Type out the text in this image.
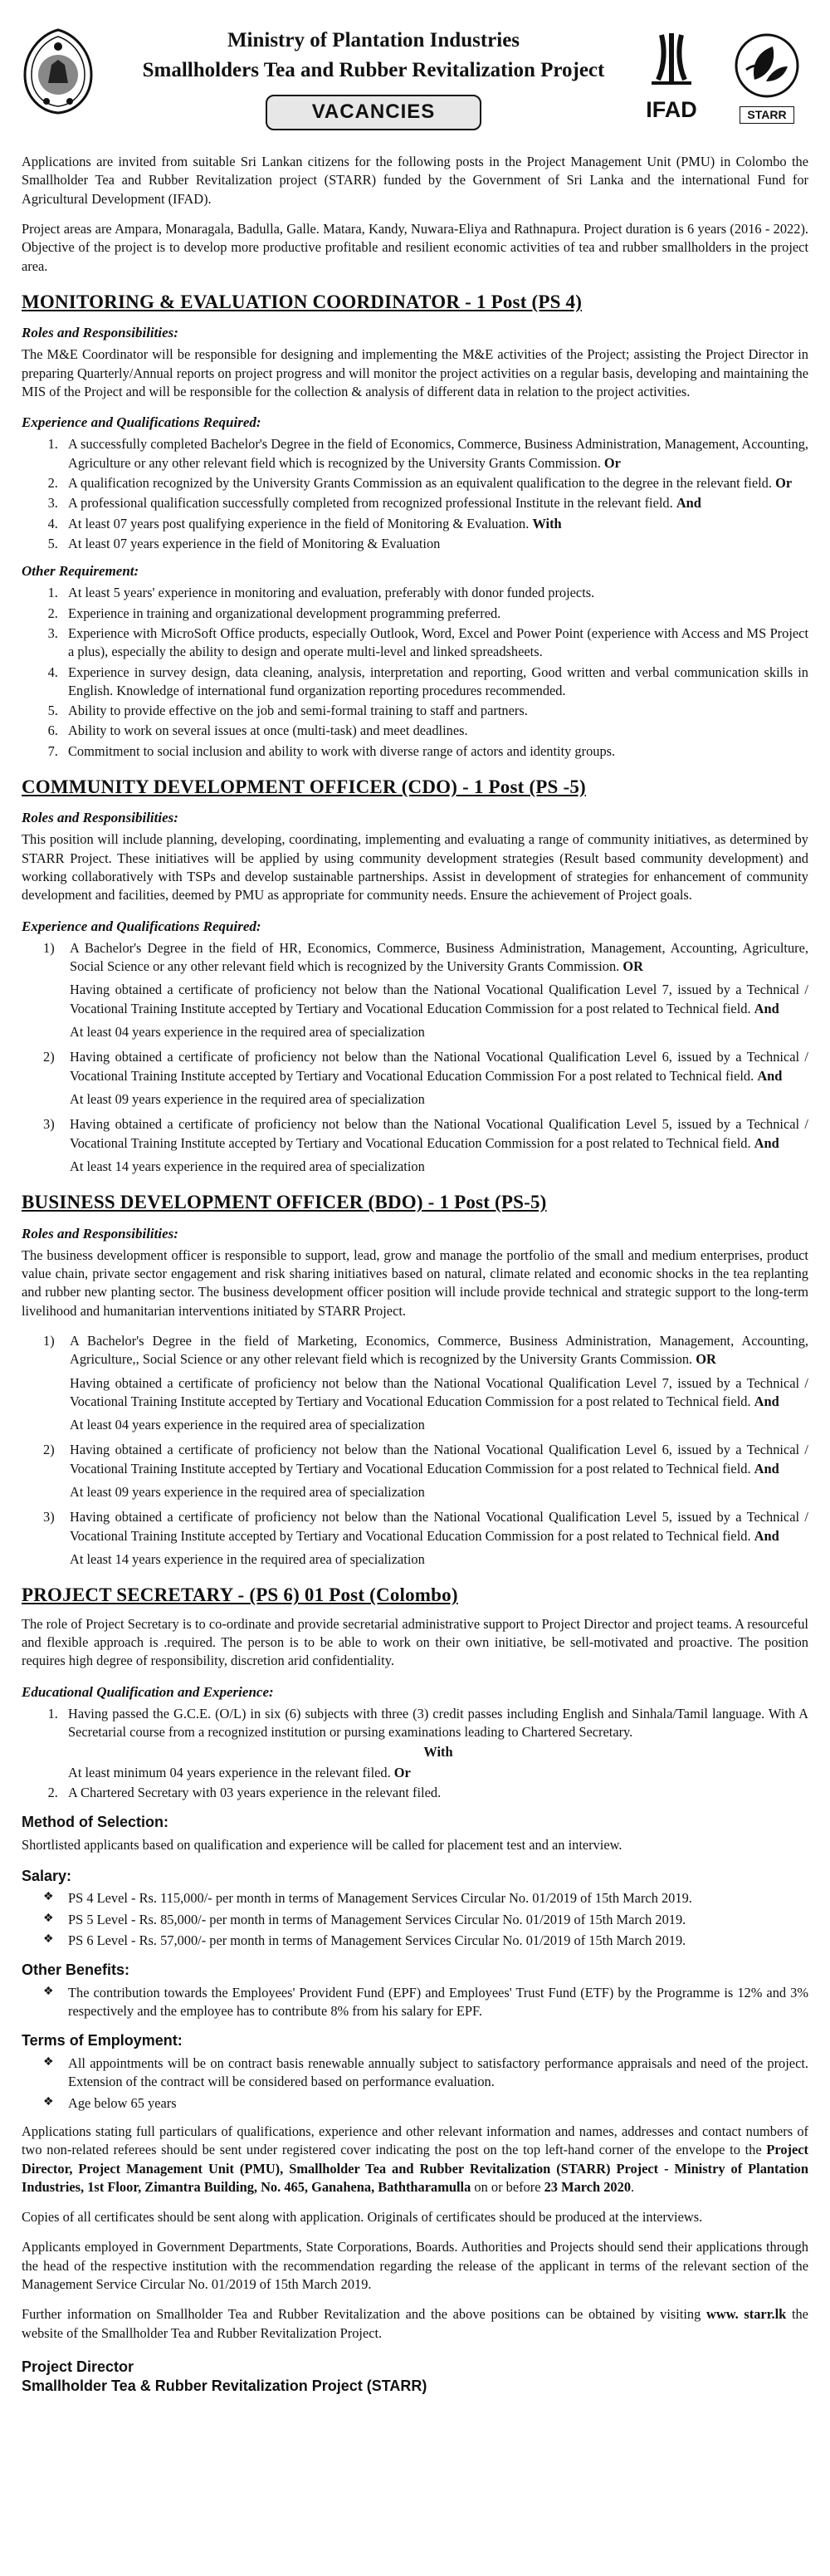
Ministry of Plantation Industries
Smallholders Tea and Rubber Revitalization Project
VACANCIES	IFAD	STARR

Applications are invited from suitable Sri Lankan citizens for the following posts in the Project Management Unit (PMU) in Colombo the Smallholder Tea and Rubber Revitalization project (STARR) funded by the Government of Sri Lanka and the international Fund for Agricultural Development (IFAD).

Project areas are Ampara, Monaragala, Badulla, Galle. Matara, Kandy, Nuwara-Eliya and Rathnapura. Project duration is 6 years (2016 - 2022). Objective of the project is to develop more productive profitable and resilient economic activities of tea and rubber smallholders in the project area.

MONITORING & EVALUATION COORDINATOR - 1 Post (PS 4)
Roles and Responsibilities:

The M&E Coordinator will be responsible for designing and implementing the M&E activities of the Project; assisting the Project Director in preparing Quarterly/Annual reports on project progress and will monitor the project activities on a regular basis, developing and maintaining the MIS of the Project and will be responsible for the collection & analysis of different data in relation to the project activities.

Experience and Qualifications Required:
1. A successfully completed Bachelor's Degree in the field of Economics, Commerce, Business Administration, Management, Accounting, Agriculture or any other relevant field which is recognized by the University Grants Commission. Or
2. A qualification recognized by the University Grants Commission as an equivalent qualification to the degree in the relevant field. Or
3. A professional qualification successfully completed from recognized professional Institute in the relevant field. And
4. At least 07 years post qualifying experience in the field of Monitoring & Evaluation. With
5. At least 07 years experience in the field of Monitoring & Evaluation
Other Requirement:
1. At least 5 years' experience in monitoring and evaluation, preferably with donor funded projects.
2. Experience in training and organizational development programming preferred.
3. Experience with MicroSoft Office products, especially Outlook, Word, Excel and Power Point (experience with Access and MS Project a plus), especially the ability to design and operate multi-level and linked spreadsheets.
4. Experience in survey design, data cleaning, analysis, interpretation and reporting, Good written and verbal communication skills in English. Knowledge of international fund organization reporting procedures recommended.
5. Ability to provide effective on the job and semi-formal training to staff and partners.
6. Ability to work on several issues at once (multi-task) and meet deadlines.
7. Commitment to social inclusion and ability to work with diverse range of actors and identity groups.
COMMUNITY DEVELOPMENT OFFICER (CDO) - 1 Post (PS -5)
Roles and Responsibilities:

This position will include planning, developing, coordinating, implementing and evaluating a range of community initiatives, as determined by STARR Project. These initiatives will be applied by using community development strategies (Result based community development) and working collaboratively with TSPs and develop sustainable partnerships. Assist in development of strategies for enhancement of community development and facilities, deemed by PMU as appropriate for community needs. Ensure the achievement of Project goals.

Experience and Qualifications Required:
1) A Bachelor's Degree in the field of HR, Economics, Commerce, Business Administration, Management, Accounting, Agriculture, Social Science or any other relevant field which is recognized by the University Grants Commission. OR
Having obtained a certificate of proficiency not below than the National Vocational Qualification Level 7, issued by a Technical / Vocational Training Institute accepted by Tertiary and Vocational Education Commission for a post related to Technical field. And
At least 04 years experience in the required area of specialization
2) Having obtained a certificate of proficiency not below than the National Vocational Qualification Level 6, issued by a Technical / Vocational Training Institute accepted by Tertiary and Vocational Education Commission For a post related to Technical field. And
At least 09 years experience in the required area of specialization
3) Having obtained a certificate of proficiency not below than the National Vocational Qualification Level 5, issued by a Technical / Vocational Training Institute accepted by Tertiary and Vocational Education Commission for a post related to Technical field. And
At least 14 years experience in the required area of specialization
BUSINESS DEVELOPMENT OFFICER (BDO) - 1 Post (PS-5)
Roles and Responsibilities:

The business development officer is responsible to support, lead, grow and manage the portfolio of the small and medium enterprises, product value chain, private sector engagement and risk sharing initiatives based on natural, climate related and economic shocks in the tea replanting and rubber new planting sector. The business development officer position will include provide technical and strategic support to the long-term livelihood and humanitarian interventions initiated by STARR Project.

1) A Bachelor's Degree in the field of Marketing, Economics, Commerce, Business Administration, Management, Accounting, Agriculture,, Social Science or any other relevant field which is recognized by the University Grants Commission. OR
Having obtained a certificate of proficiency not below than the National Vocational Qualification Level 7, issued by a Technical / Vocational Training Institute accepted by Tertiary and Vocational Education Commission for a post related to Technical field. And
At least 04 years experience in the required area of specialization
2) Having obtained a certificate of proficiency not below than the National Vocational Qualification Level 6, issued by a Technical / Vocational Training Institute accepted by Tertiary and Vocational Education Commission for a post related to Technical field. And
At least 09 years experience in the required area of specialization
3) Having obtained a certificate of proficiency not below than the National Vocational Qualification Level 5, issued by a Technical / Vocational Training Institute accepted by Tertiary and Vocational Education Commission for a post related to Technical field. And
At least 14 years experience in the required area of specialization
PROJECT SECRETARY - (PS 6) 01 Post (Colombo)

The role of Project Secretary is to co-ordinate and provide secretarial administrative support to Project Director and project teams. A resourceful and flexible approach is .required. The person is to be able to work on their own initiative, be sell-motivated and proactive. The position requires high degree of responsibility, discretion arid confidentiality.

Educational Qualification and Experience:
1. Having passed the G.C.E. (O/L) in six (6) subjects with three (3) credit passes including English and Sinhala/Tamil language. With A Secretarial course from a recognized institution or pursing examinations leading to Chartered Secretary.
With
At least minimum 04 years experience in the relevant filed. Or
2. A Chartered Secretary with 03 years experience in the relevant filed.
Method of Selection:

Shortlisted applicants based on qualification and experience will be called for placement test and an interview.

Salary:
❖ PS 4 Level - Rs. 115,000/- per month in terms of Management Services Circular No. 01/2019 of 15th March 2019.
❖ PS 5 Level - Rs. 85,000/- per month in terms of Management Services Circular No. 01/2019 of 15th March 2019.
❖ PS 6 Level - Rs. 57,000/- per month in terms of Management Services Circular No. 01/2019 of 15th March 2019.
Other Benefits:
❖ The contribution towards the Employees' Provident Fund (EPF) and Employees' Trust Fund (ETF) by the Programme is 12% and 3% respectively and the employee has to contribute 8% from his salary for EPF.
Terms of Employment:
❖ All appointments will be on contract basis renewable annually subject to satisfactory performance appraisals and need of the project. Extension of the contract will be considered based on performance evaluation.
❖ Age below 65 years

Applications stating full particulars of qualifications, experience and other relevant information and names, addresses and contact numbers of two non-related referees should be sent under registered cover indicating the post on the top left-hand corner of the envelope to the Project Director, Project Management Unit (PMU), Smallholder Tea and Rubber Revitalization (STARR) Project - Ministry of Plantation Industries, 1st Floor, Zimantra Building, No. 465, Ganahena, Baththaramulla on or before 23 March 2020.

Copies of all certificates should be sent along with application. Originals of certificates should be produced at the interviews.

Applicants employed in Government Departments, State Corporations, Boards. Authorities and Projects should send their applications through the head of the respective institution with the recommendation regarding the release of the applicant in terms of the relevant section of the Management Service Circular No. 01/2019 of 15th March 2019.

Further information on Smallholder Tea and Rubber Revitalization and the above positions can be obtained by visiting www. starr.lk the website of the Smallholder Tea and Rubber Revitalization Project.

Project Director
Smallholder Tea & Rubber Revitalization Project (STARR)
